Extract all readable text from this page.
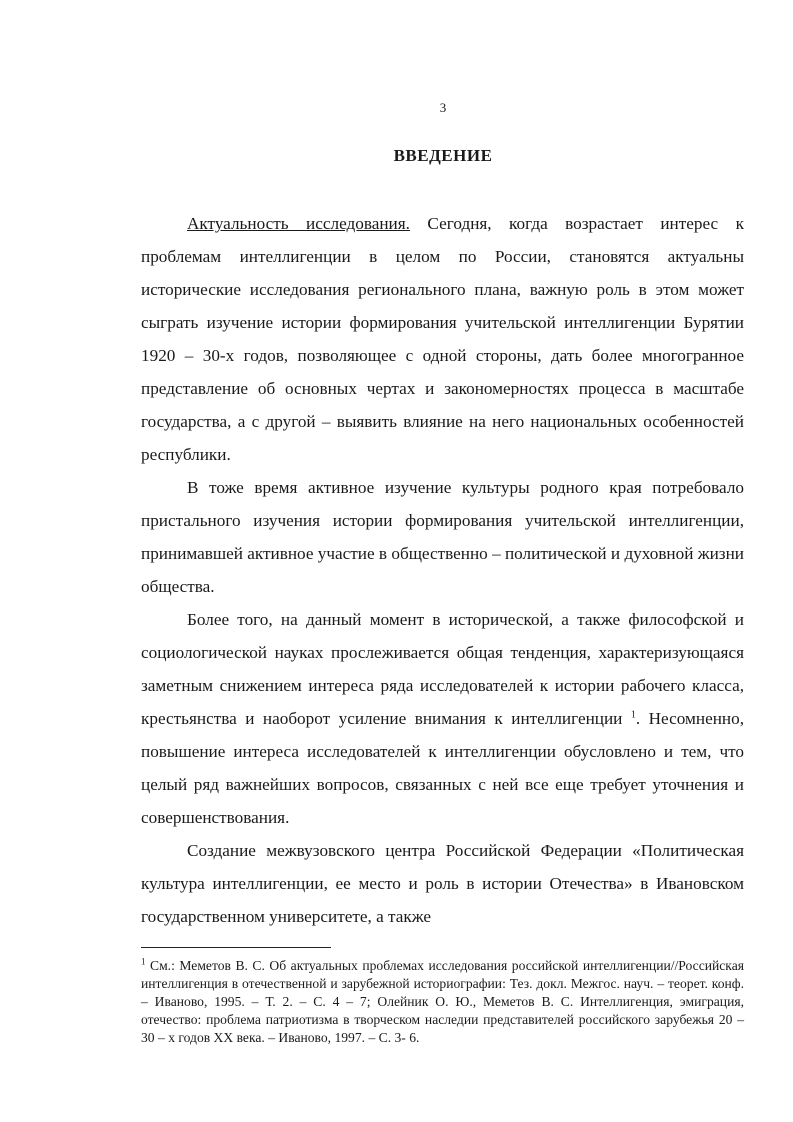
3
ВВЕДЕНИЕ

Актуальность исследования. Сегодня, когда возрастает интерес к проблемам интеллигенции в целом по России, становятся актуальны исторические исследования регионального плана, важную роль в этом может сыграть изучение истории формирования учительской интеллигенции Бурятии 1920 – 30-х годов, позволяющее с одной стороны, дать более многогранное представление об основных чертах и закономерностях процесса в масштабе государства, а с другой – выявить влияние на него национальных особенностей республики.

В тоже время активное изучение культуры родного края потребовало пристального изучения истории формирования учительской интеллигенции, принимавшей активное участие в общественно – политической и духовной жизни общества.

Более того, на данный момент в исторической, а также философской и социологической науках прослеживается общая тенденция, характеризующаяся заметным снижением интереса ряда исследователей к истории рабочего класса, крестьянства и наоборот усиление внимания к интеллигенции $^1$. Несомненно, повышение интереса исследователей к интеллигенции обусловлено и тем, что целый ряд важнейших вопросов, связанных с ней все еще требует уточнения и совершенствования.

Создание межвузовского центра Российской Федерации «Политическая культура интеллигенции, ее место и роль в истории Отечества» в Ивановском государственном университете, а также

$^1$ См.: Меметов В. С. Об актуальных проблемах исследования российской интеллигенции//Российская интеллигенция в отечественной и зарубежной историографии: Тез. докл. Межгос. науч. – теорет. конф. – Иваново, 1995. – Т. 2. – С. 4 – 7; Олейник О. Ю., Меметов В. С. Интеллигенция, эмиграция, отечество: проблема патриотизма в творческом наследии представителей российского зарубежья 20 – 30 – х годов XX века. – Иваново, 1997. – С. 3- 6.
